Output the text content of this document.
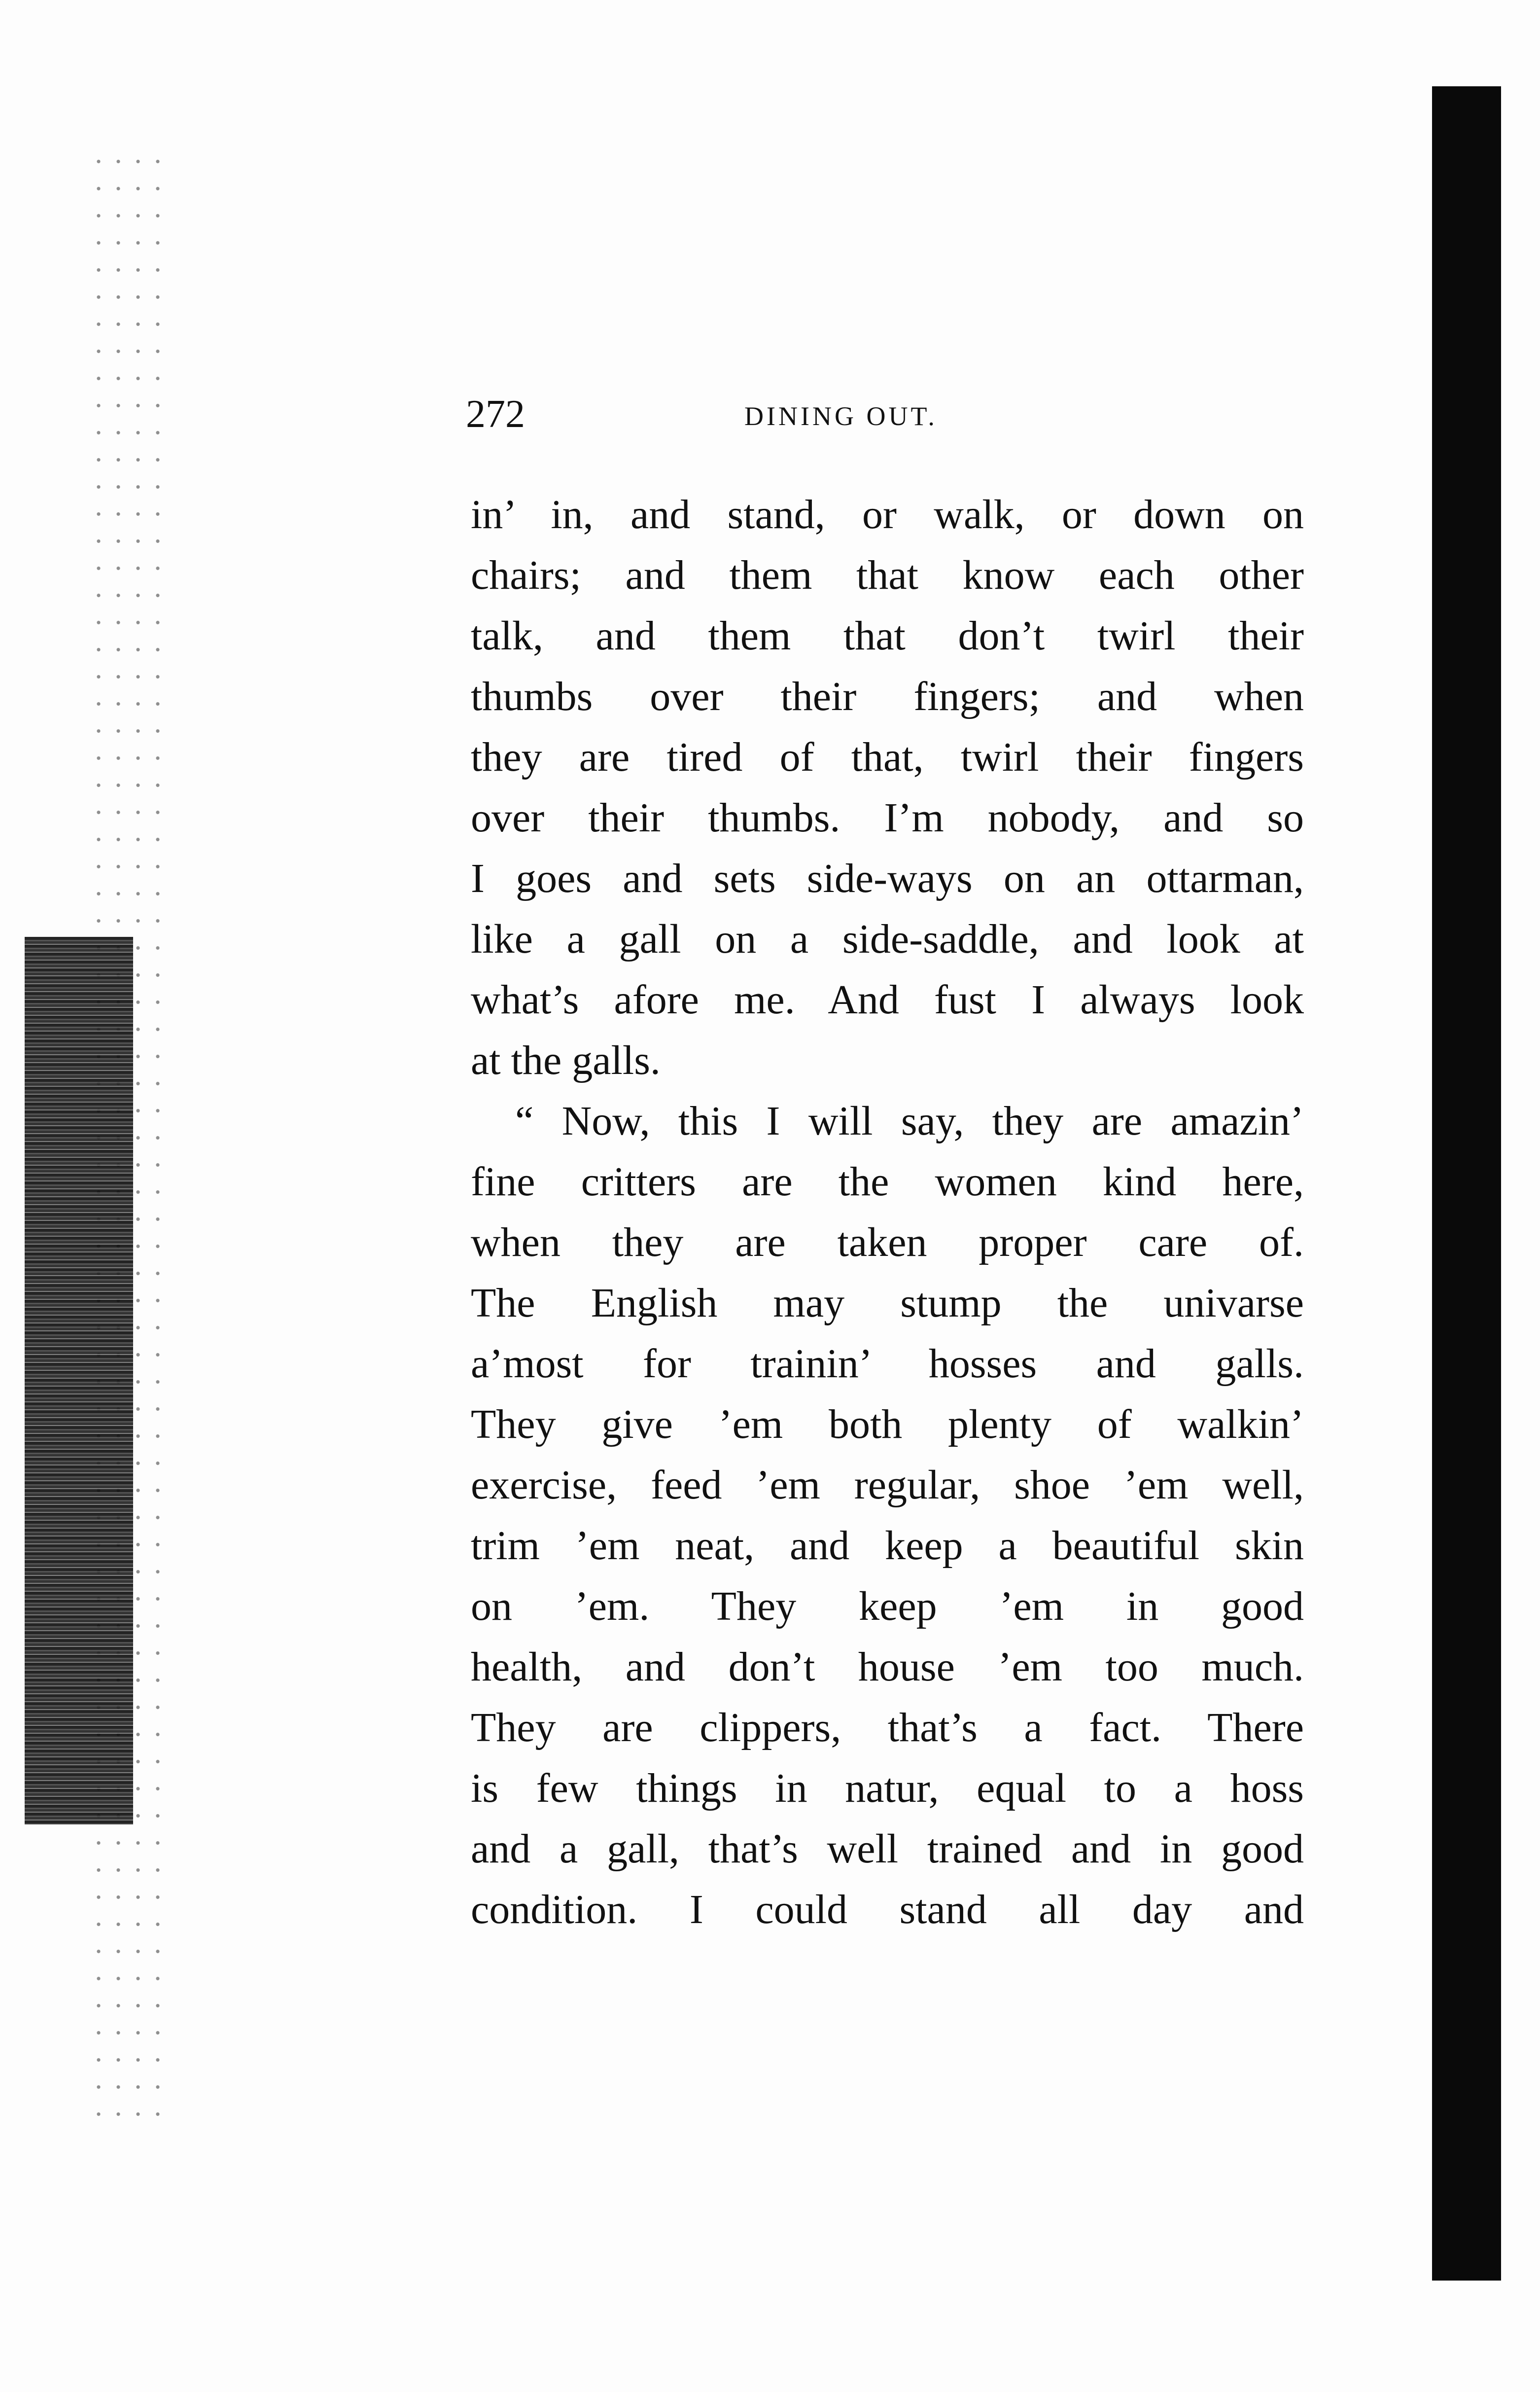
272	DINING OUT.
in’ in, and stand, or walk, or down on
chairs; and them that know each other
talk, and them that don’t twirl their
thumbs over their fingers; and when
they are tired of that, twirl their fingers
over their thumbs. I’m nobody, and so
I goes and sets side-ways on an ottarman,
like a gall on a side-saddle, and look at
what’s afore me. And fust I always look
at the galls.
“ Now, this I will say, they are amazin’
fine critters are the women kind here,
when they are taken proper care of.
The English may stump the univarse
a’most for trainin’ hosses and galls.
They give ’em both plenty of walkin’
exercise, feed ’em regular, shoe ’em well,
trim ’em neat, and keep a beautiful skin
on ’em. They keep ’em in good
health, and don’t house ’em too much.
They are clippers, that’s a fact. There
is few things in natur, equal to a hoss
and a gall, that’s well trained and in good
condition. I could stand all day and
